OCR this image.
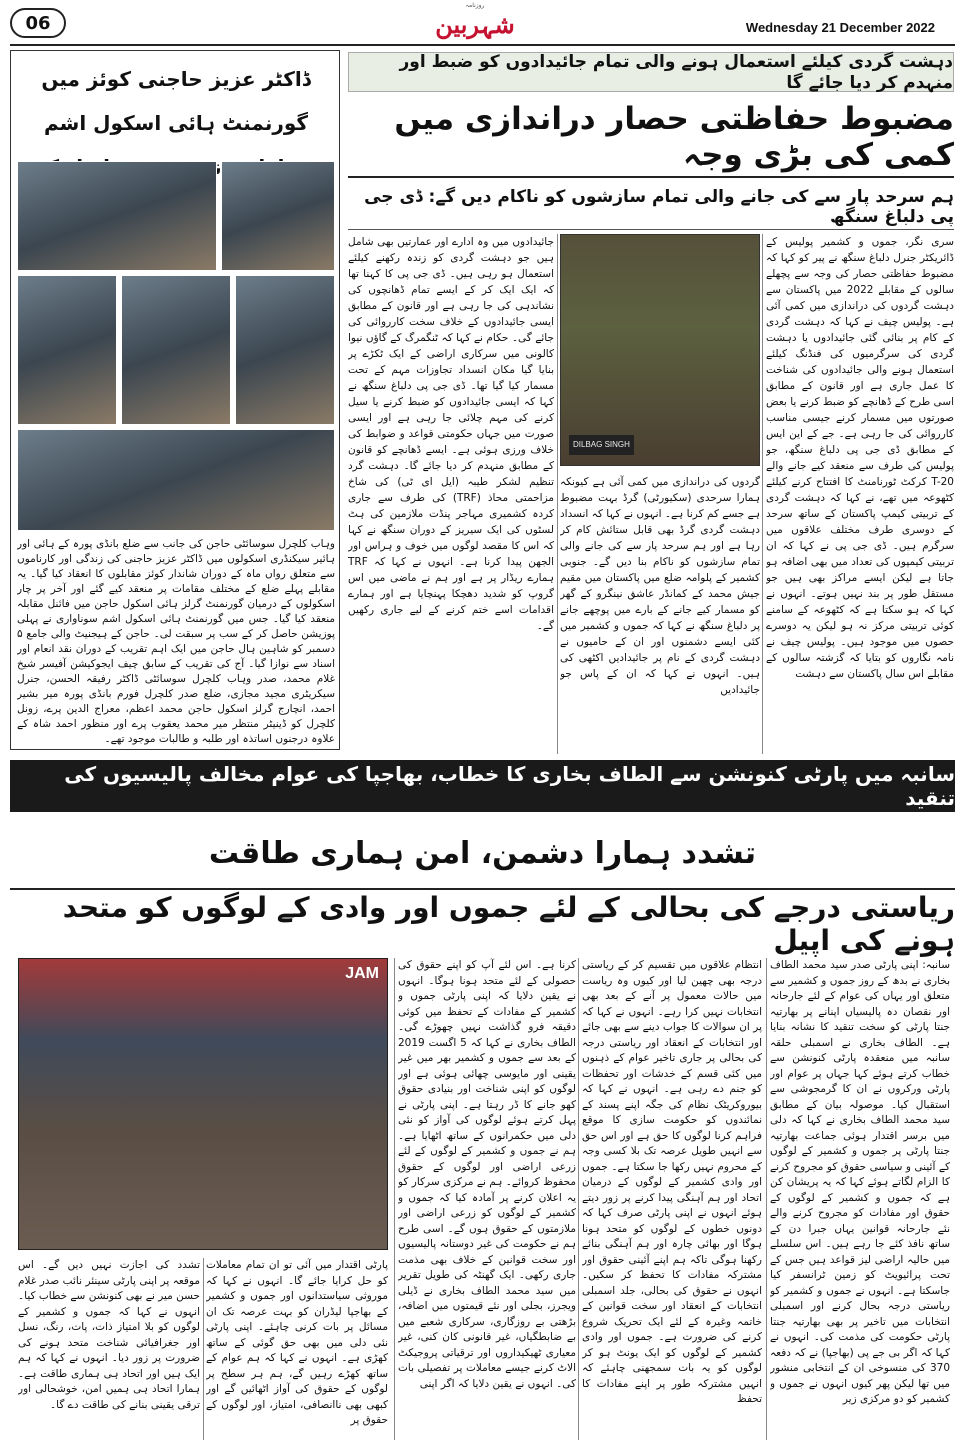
06
روزنامہ
شہربین	Wednesday 21 December 2022
ڈاکٹر عزیز حاجنی کوئز میں گورنمنٹ ہائی اسکول اشم
وہاب کلچرل سوسائٹی حاجن کی جانب سے ضلع بانڈی پورہ کے ہائی اور ہائیر سیکنڈری اسکولوں میں ڈاکٹر عزیز حاجنی کی زندگی اور کارناموں سے متعلق رواں ماہ کے دوران شاندار کوئز مقابلوں کا انعقاد کیا گیا۔ یہ مقابلے پہلے ضلع کے مختلف مقامات پر منعقد کیے گئے اور آخر پر چار اسکولوں کے درمیان گورنمنٹ گرلز ہائی اسکول حاجن میں فائنل مقابلہ منعقد کیا گیا۔ جس میں گورنمنٹ ہائی اسکول اشم سوناواری نے پہلی پوزیشن حاصل کر کے سب پر سبقت لی۔ حاجن کے ہیجنیٹ والی جامع ۵ دسمبر کو شاہین ہال حاجن میں ایک اہم تقریب کے دوران نقد انعام اور اسناد سے نوازا گیا۔ آج کی تقریب کے سابق چیف ایجوکیشن آفیسر شیخ غلام محمد، صدر وہاب کلچرل سوسائٹی ڈاکٹر رفیقہ الحسن، جنرل سیکریٹری مجید مجازی، ضلع صدر کلچرل فورم بانڈی پورہ میر بشیر احمد، انچارج گرلز اسکول حاجن محمد اعظم، معراج الدین پرے، زونل کلچرل کو ڈینیٹر منتظر میر محمد یعقوب پرے اور منظور احمد شاہ کے علاوہ درجنوں اساتذہ اور طلبہ و طالبات موجود تھے۔
دہشت گردی کیلئے استعمال ہونے والی تمام جائیدادوں کو ضبط اور منہدم کر دیا جائے گا
مضبوط حفاظتی حصار دراندازی میں کمی کی بڑی وجہ
ہم سرحد پار سے کی جانے والی تمام سازشوں کو ناکام دیں گے: ڈی جی پی دلباغ سنگھ
سری نگر، جموں و کشمیر پولیس کے ڈائریکٹر جنرل دلباغ سنگھ نے پیر کو کہا کہ مضبوط حفاظتی حصار کی وجہ سے پچھلے سالوں کے مقابلے 2022 میں پاکستان سے دہشت گردوں کی دراندازی میں کمی آئی ہے۔ پولیس چیف نے کہا کہ دہشت گردی کے کام پر بنائی گئی جائیدادوں یا دہشت گردی کی سرگرمیوں کی فنڈنگ کیلئے استعمال ہونے والی جائیدادوں کی شناخت کا عمل جاری ہے اور قانون کے مطابق اسی طرح کے ڈھانچے کو ضبط کرنے یا بعض صورتوں میں مسمار کرنے جیسی مناسب کارروائی کی جا رہی ہے۔ جے کے این ایس کے مطابق ڈی جی پی دلباغ سنگھ، جو پولیس کی طرف سے منعقد کیے جانے والے T-20 کرکٹ ٹورنامنٹ کا افتتاح کرنے کیلئے کٹھوعہ میں تھے، نے کہا کہ دہشت گردی کے تربیتی کیمپ پاکستان کے ساتھ سرحد کے دوسری طرف مختلف علاقوں میں سرگرم ہیں۔ ڈی جی پی نے کہا کہ ان تربیتی کیمپوں کی تعداد میں بھی اضافہ ہو جاتا ہے لیکن ایسے مراکز بھی ہیں جو مستقل طور پر بند نہیں ہوتے۔ انہوں نے کہا کہ ہو سکتا ہے کہ کٹھوعہ کے سامنے کوئی تربیتی مرکز نہ ہو لیکن یہ دوسرے حصوں میں موجود ہیں۔ پولیس چیف نے نامہ نگاروں کو بتایا کہ گزشتہ سالوں کے مقابلے اس سال پاکستان سے دہشت
DILBAG SINGH
گردوں کی دراندازی میں کمی آئی ہے کیونکہ ہمارا سرحدی (سکیورٹی) گرڈ بہت مضبوط ہے جسے کم کرنا ہے۔ انہوں نے کہا کہ انسداد دہشت گردی گرڈ بھی قابل ستائش کام کر رہا ہے اور ہم سرحد پار سے کی جانے والی تمام سازشوں کو ناکام بنا دیں گے۔ جنوبی کشمیر کے پلوامہ ضلع میں پاکستان میں مقیم جیش محمد کے کمانڈر عاشق نینگرو کے گھر کو مسمار کیے جانے کے بارے میں پوچھے جانے پر دلباغ سنگھ نے کہا کہ جموں و کشمیر میں کئی ایسے دشمنوں اور ان کے حامیوں نے دہشت گردی کے نام پر جائیدادیں اکٹھی کی ہیں۔ انہوں نے کہا کہ ان کے پاس جو جائیدادیں
جائیدادوں میں وہ ادارے اور عمارتیں بھی شامل ہیں جو دہشت گردی کو زندہ رکھنے کیلئے استعمال ہو رہی ہیں۔ ڈی جی پی کا کہنا تھا کہ ایک ایک کر کے ایسے تمام ڈھانچوں کی نشاندہی کی جا رہی ہے اور قانون کے مطابق ایسی جائیدادوں کے خلاف سخت کارروائی کی جائے گی۔ حکام نے کہا کہ ٹنگمرگ کے گاؤں نیوا کالونی میں سرکاری اراضی کے ایک ٹکڑے پر بنایا گیا مکان انسداد تجاوزات مہم کے تحت مسمار کیا گیا تھا۔ ڈی جی پی دلباغ سنگھ نے کہا کہ ایسی جائیدادوں کو ضبط کرنے یا سیل کرنے کی مہم چلائی جا رہی ہے اور ایسی صورت میں جہاں حکومتی قواعد و ضوابط کی خلاف ورزی ہوئی ہے۔ ایسے ڈھانچے کو قانون کے مطابق منہدم کر دیا جائے گا۔ دہشت گرد تنظیم لشکر طیبہ (ایل ای ٹی) کی شاخ مزاحمتی محاذ (TRF) کی طرف سے جاری کردہ کشمیری مہاجر پنڈت ملازمین کی ہٹ لسٹوں کی ایک سیریز کے دوران سنگھ نے کہا کہ اس کا مقصد لوگوں میں خوف و ہراس اور الجھن پیدا کرنا ہے۔ انہوں نے کہا کہ TRF ہمارے ریڈار پر ہے اور ہم نے ماضی میں اس گروپ کو شدید دھچکا پہنچایا ہے اور ہمارے اقدامات اسے ختم کرنے کے لیے جاری رکھیں گے۔
سانبہ میں پارٹی کنونشن سے الطاف بخاری کا خطاب، بھاجپا کی عوام مخالف پالیسیوں کی تنقید
تشدد ہمارا دشمن، امن ہماری طاقت
ریاستی درجے کی بحالی کے لئے جموں اور وادی کے لوگوں کو متحد ہونے کی اپیل
JAM	سانبہ: اپنی پارٹی صدر سید محمد الطاف بخاری نے بدھ کے روز جموں و کشمیر سے متعلق اور یہاں کی عوام کے لئے جارحانہ اور نقصان دہ پالیسیاں اپنانے پر بھارتیہ جنتا پارٹی کو سخت تنقید کا نشانہ بنایا ہے۔ الطاف بخاری نے اسمبلی حلقہ سانبہ میں منعقدہ پارٹی کنونشن سے خطاب کرتے ہوئے کہا جہاں پر عوام اور پارٹی ورکروں نے ان کا گرمجوشی سے استقبال کیا۔ موصولہ بیان کے مطابق سید محمد الطاف بخاری نے کہا کہ دلی میں برسر اقتدار ہوئی جماعت بھارتیہ جنتا پارٹی پر جموں و کشمیر کے لوگوں کے آئینی و سیاسی حقوق کو مجروح کرنے کا الزام لگاتے ہوئے کہا کہ یہ پریشان کن ہے کہ جموں و کشمیر کے لوگوں کے حقوق اور مفادات کو مجروح کرنے والے نئے جارحانہ قوانین یہاں جبرا دن کے ساتھ نافذ کئے جا رہے ہیں۔ اس سلسلے میں حالیہ اراضی لیز قواعد ہیں جس کے تحت پرائیویٹ کو زمین ٹرانسفر کیا جاسکتا ہے۔ انہوں نے جموں و کشمیر کو ریاستی درجہ بحال کرنے اور اسمبلی انتخابات میں تاخیر پر بھی بھارتیہ جنتا پارٹی حکومت کی مذمت کی۔ انہوں نے کہا کہ اگر بی جے پی (بھاجپا) نے کہ دفعہ 370 کی منسوخی ان کے انتخابی منشور میں تھا لیکن پھر کیوں انہوں نے جموں و کشمیر کو دو مرکزی زیر
انتظام علاقوں میں تقسیم کر کے ریاستی درجہ بھی چھین لیا اور کیوں وہ ریاست میں حالات معمول پر آنے کے بعد بھی انتخابات نہیں کرا رہے۔ انہوں نے کہا کہ پر ان سوالات کا جواب دینے سے بھی جائے اور انتخابات کے انعقاد اور ریاستی درجہ کی بحالی پر جاری تاخیر عوام کے ذہنوں میں کئی قسم کے خدشات اور تحفظات کو جنم دے رہی ہے۔ انہوں نے کہا کہ بیوروکریٹک نظام کی جگہ اپنے پسند کے نمائندوں کو حکومت سازی کا موقع فراہم کرنا لوگوں کا حق ہے اور اس حق سے انہیں طویل عرصہ تک بلا کسی وجہ کے محروم نہیں رکھا جا سکتا ہے۔ جموں اور وادی کشمیر کے لوگوں کے درمیان اتحاد اور ہم آہنگی پیدا کرنے پر زور دیتے ہوئے انہوں نے اپنی پارٹی صرف کہا کہ دونوں خطوں کے لوگوں کو متحد ہونا ہوگا اور بھائی چارہ اور ہم آہنگی بنائے رکھنا ہوگی تاکہ ہم اپنے آئینی حقوق اور مشترکہ مفادات کا تحفظ کر سکیں۔ انہوں نے حقوق کی بحالی، جلد اسمبلی انتخابات کے انعقاد اور سخت قوانین کے خاتمہ وغیرہ کے لئے ایک تحریک شروع کرنے کی ضرورت ہے۔ جموں اور وادی کشمیر کے لوگوں کو ایک یونٹ ہو کر لوگوں کو یہ بات سمجھنی چاہئے کہ انہیں مشترکہ طور پر اپنے مفادات کا تحفظ
کرنا ہے۔ اس لئے آپ کو اپنے حقوق کی حصولی کے لئے متحد ہونا ہوگا۔ انہوں نے یقین دلایا کہ اپنی پارٹی جموں و کشمیر کے مفادات کے تحفظ میں کوئی دقیقہ فرو گذاشت نہیں چھوڑے گی۔ الطاف بخاری نے کہا کہ 5 اگست 2019 کے بعد سے جموں و کشمیر بھر میں غیر یقینی اور مایوسی چھائی ہوئی ہے اور لوگوں کو اپنی شناخت اور بنیادی حقوق کھو جانے کا ڈر رہتا ہے۔ اپنی پارٹی نے پہل کرتے ہوئے لوگوں کی آواز کو نئی دلی میں حکمرانوں کے ساتھ اٹھایا ہے۔ ہم نے جموں و کشمیر کے لوگوں کے لئے زرعی اراضی اور لوگوں کے حقوق محفوظ کروائے۔ ہم نے مرکزی سرکار کو یہ اعلان کرنے پر آمادہ کیا کہ جموں و کشمیر کے لوگوں کو زرعی اراضی اور ملازمتوں کے حقوق ہوں گے۔ اسی طرح ہم نے حکومت کی غیر دوستانہ پالیسیوں اور سخت قوانین کے خلاف بھی مذمت جاری رکھی۔ ایک گھنٹہ کی طویل تقریر میں سید محمد الطاف بخاری نے ڈیلی ویجرز، بجلی اور نئے قیمتوں میں اضافہ، بڑھتی بے روزگاری، سرکاری شعبے میں بے ضابطگیاں، غیر قانونی کان کنی، غیر معیاری ٹھیکیداروں اور ترقیاتی پروجیکٹ الاٹ کرنے جیسے معاملات پر تفصیلی بات کی۔ انہوں نے یقین دلایا کہ اگر اپنی
پارٹی اقتدار میں آئی تو ان تمام معاملات کو حل کرایا جائے گا۔ انہوں نے کہا کہ موروثی سیاستدانوں اور جموں و کشمیر کے بھاجپا لیڈران کو بہت عرصہ تک ان مسائل پر بات کرنی چاہئے۔ اپنی پارٹی نئی دلی میں بھی حق گوئی کے ساتھ کھڑی ہے۔ انہوں نے کہا کہ ہم عوام کے ساتھ کھڑے رہیں گے، ہم ہر سطح پر لوگوں کے حقوق کی آواز اٹھائیں گے اور کبھی بھی ناانصافی، امتیاز، اور لوگوں کے حقوق پر
تشدد کی اجازت نہیں دیں گے۔ اس موقعہ پر اپنی پارٹی سینئر نائب صدر غلام حسن میر نے بھی کنونشن سے خطاب کیا۔ انہوں نے کہا کہ جموں و کشمیر کے لوگوں کو بلا امتیاز ذات، پات، رنگ، نسل اور جغرافیائی شناخت متحد ہونے کی ضرورت پر زور دیا۔ انہوں نے کہا کہ ہم ایک ہیں اور اتحاد ہی ہماری طاقت ہے۔ ہمارا اتحاد ہی ہمیں امن، خوشحالی اور ترقی یقینی بنانے کی طاقت دے گا۔
